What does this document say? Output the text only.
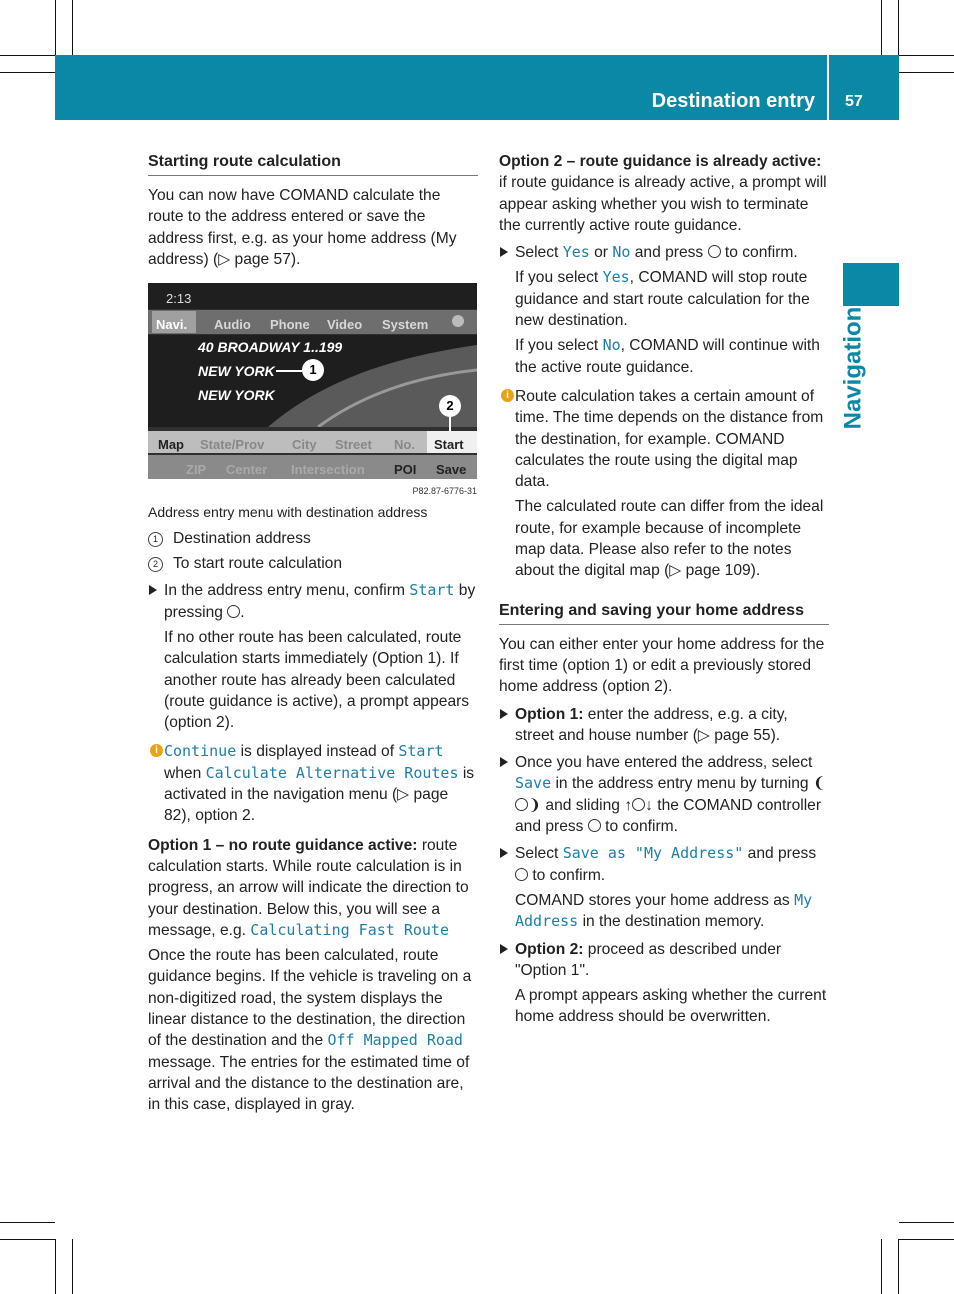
Destination entry 57
Navigation
Starting route calculation

You can now have COMAND calculate the route to the address entered or save the address first, e.g. as your home address (My address) (▷ page 57).

2:13
Navi. Audio Phone Video System
40 BROADWAY 1..199
NEW YORK
NEW YORK
1
2
Map State/Prov City Street No. Start
ZIP Center Intersection POI Save
P82.87-6776-31

Address entry menu with destination address

1 Destination address

2 To start route calculation

In the address entry menu, confirm Start by pressing .

If no other route has been calculated, route calculation starts immediately (Option 1). If another route has already been calculated (route guidance is active), a prompt appears (option 2).

i Continue is displayed instead of Start when Calculate Alternative Routes is activated in the navigation menu (▷ page 82), option 2.

Option 1 – no route guidance active: route calculation starts. While route calculation is in progress, an arrow will indicate the direction to your destination. Below this, you will see a message, e.g. Calculating Fast Route

Once the route has been calculated, route guidance begins. If the vehicle is traveling on a non-digitized road, the system displays the linear distance to the destination, the direction of the destination and the Off Mapped Road message. The entries for the estimated time of arrival and the distance to the destination are, in this case, displayed in gray.

Option 2 – route guidance is already active: if route guidance is already active, a prompt will appear asking whether you wish to terminate the currently active route guidance.

Select Yes or No and press to confirm.

If you select Yes, COMAND will stop route guidance and start route calculation for the new destination.

If you select No, COMAND will continue with the active route guidance.

i Route calculation takes a certain amount of time. The time depends on the distance from the destination, for example. COMAND calculates the route using the digital map data.

The calculated route can differ from the ideal route, for example because of incomplete map data. Please also refer to the notes about the digital map (▷ page 109).

Entering and saving your home address

You can either enter your home address for the first time (option 1) or edit a previously stored home address (option 2).

Option 1: enter the address, e.g. a city, street and house number (▷ page 55).
Once you have entered the address, select Save in the address entry menu by turning ❨❩ and sliding ↑ ↓ the COMAND controller and press to confirm.
Select Save as "My Address" and press  to confirm.

COMAND stores your home address as My Address in the destination memory.

Option 2: proceed as described under "Option 1".

A prompt appears asking whether the current home address should be overwritten.
